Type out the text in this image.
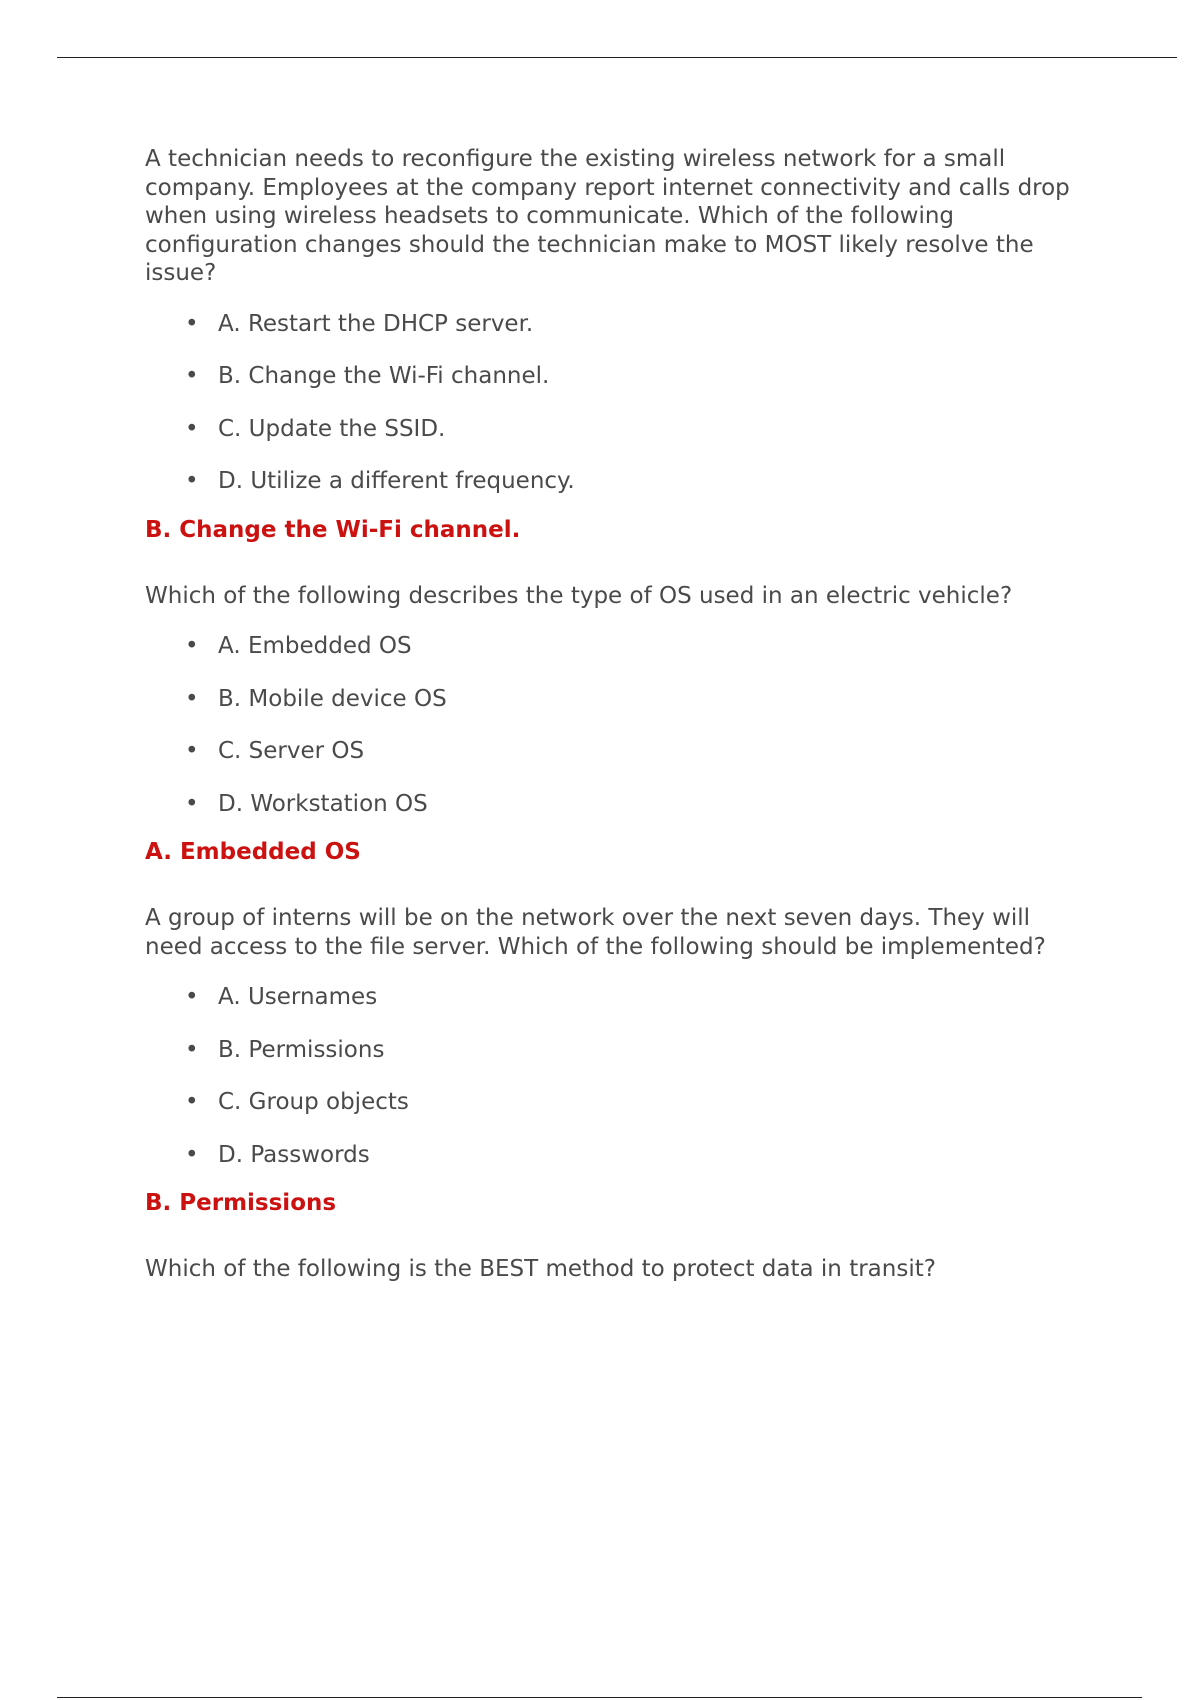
A technician needs to reconfigure the existing wireless network for a small company. Employees at the company report internet connectivity and calls drop when using wireless headsets to communicate. Which of the following configuration changes should the technician make to MOST likely resolve the issue?

• A. Restart the DHCP server.
• B. Change the Wi-Fi channel.
• C. Update the SSID.
• D. Utilize a different frequency.
B. Change the Wi-Fi channel.

Which of the following describes the type of OS used in an electric vehicle?

• A. Embedded OS
• B. Mobile device OS
• C. Server OS
• D. Workstation OS
A. Embedded OS

A group of interns will be on the network over the next seven days. They will need access to the file server. Which of the following should be implemented?

• A. Usernames
• B. Permissions
• C. Group objects
• D. Passwords
B. Permissions

Which of the following is the BEST method to protect data in transit?
